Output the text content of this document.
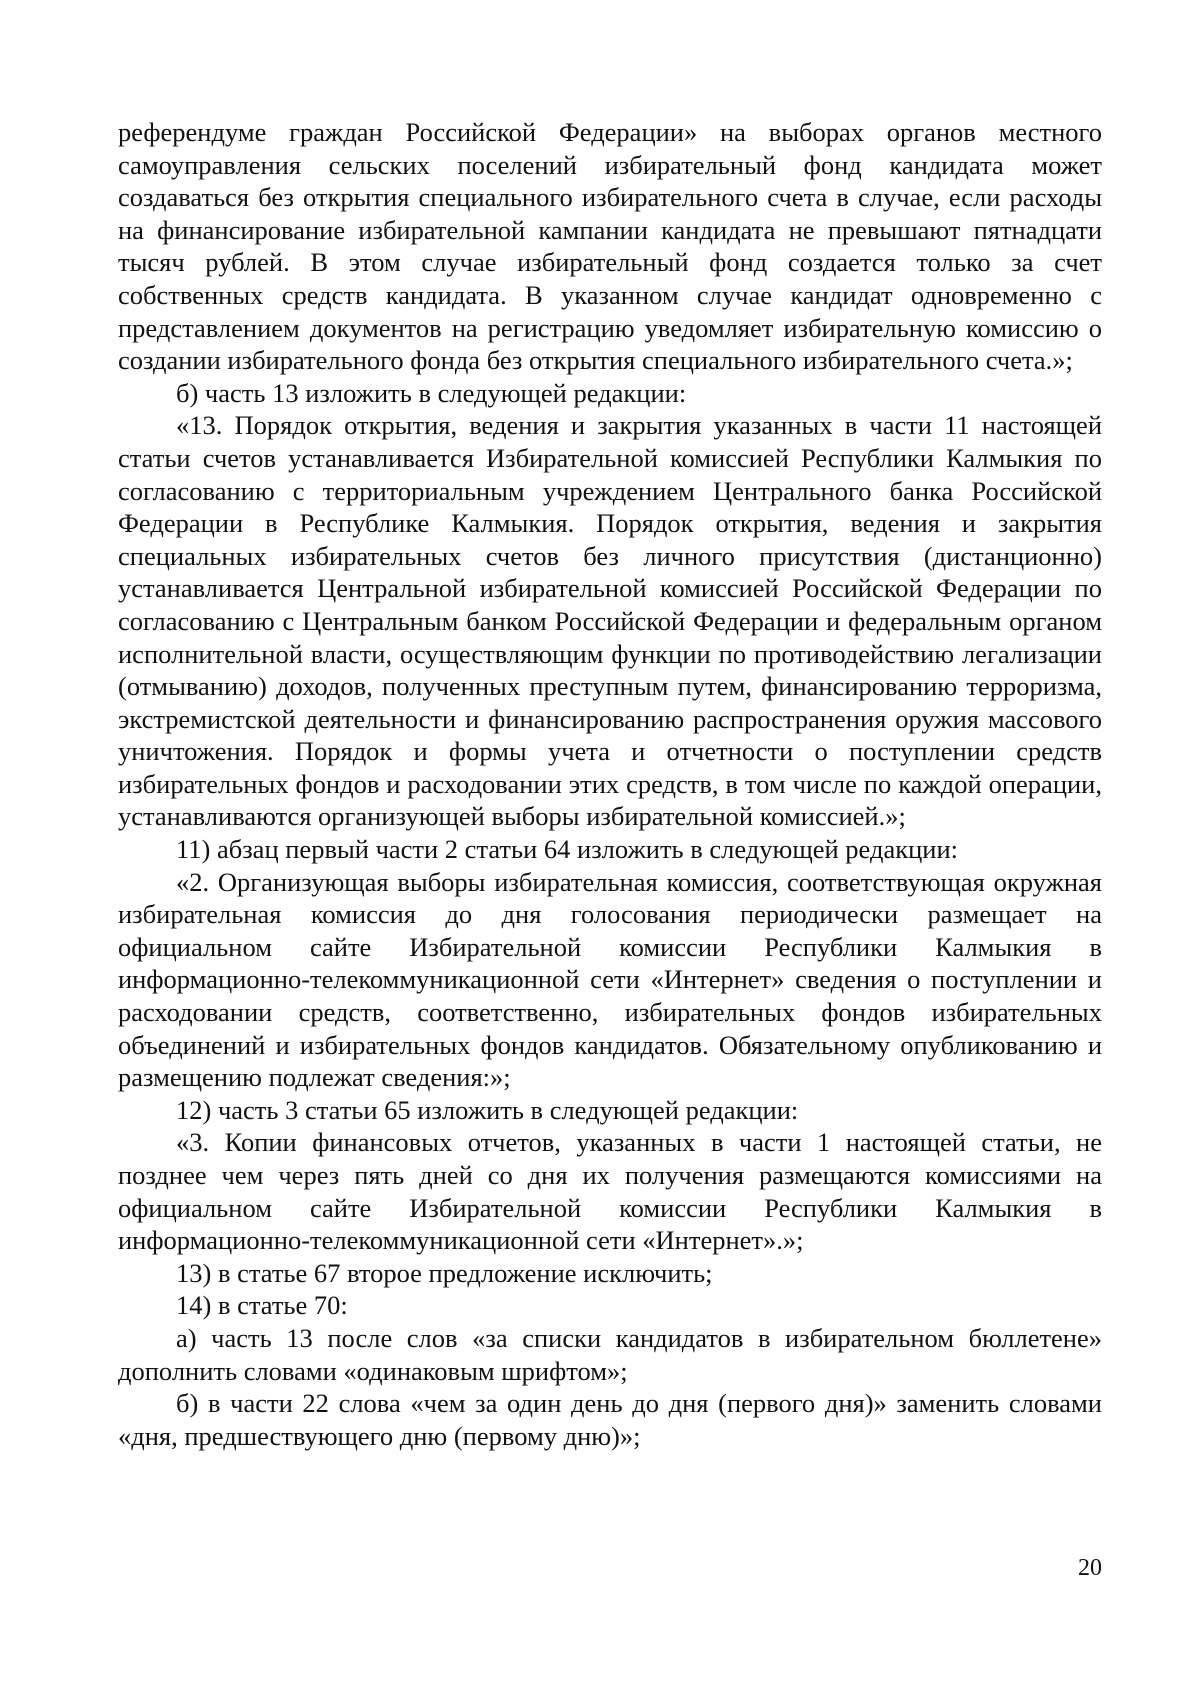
референдуме граждан Российской Федерации» на выборах органов местного самоуправления сельских поселений избирательный фонд кандидата может создаваться без открытия специального избирательного счета в случае, если расходы на финансирование избирательной кампании кандидата не превышают пятнадцати тысяч рублей. В этом случае избирательный фонд создается только за счет собственных средств кандидата. В указанном случае кандидат одновременно с представлением документов на регистрацию уведомляет избирательную комиссию о создании избирательного фонда без открытия специального избирательного счета.»;

б) часть 13 изложить в следующей редакции:

«13. Порядок открытия, ведения и закрытия указанных в части 11 настоящей статьи счетов устанавливается Избирательной комиссией Республики Калмыкия по согласованию с территориальным учреждением Центрального банка Российской Федерации в Республике Калмыкия. Порядок открытия, ведения и закрытия специальных избирательных счетов без личного присутствия (дистанционно) устанавливается Центральной избирательной комиссией Российской Федерации по согласованию с Центральным банком Российской Федерации и федеральным органом исполнительной власти, осуществляющим функции по противодействию легализации (отмыванию) доходов, полученных преступным путем, финансированию терроризма, экстремистской деятельности и финансированию распространения оружия массового уничтожения. Порядок и формы учета и отчетности о поступлении средств избирательных фондов и расходовании этих средств, в том числе по каждой операции, устанавливаются организующей выборы избирательной комиссией.»;

11) абзац первый части 2 статьи 64 изложить в следующей редакции:

«2. Организующая выборы избирательная комиссия, соответствующая окружная избирательная комиссия до дня голосования периодически размещает на официальном сайте Избирательной комиссии Республики Калмыкия в информационно-телекоммуникационной сети «Интернет» сведения о поступлении и расходовании средств, соответственно, избирательных фондов избирательных объединений и избирательных фондов кандидатов. Обязательному опубликованию и размещению подлежат сведения:»;

12) часть 3 статьи 65 изложить в следующей редакции:

«3. Копии финансовых отчетов, указанных в части 1 настоящей статьи, не позднее чем через пять дней со дня их получения размещаются комиссиями на официальном сайте Избирательной комиссии Республики Калмыкия в информационно-телекоммуникационной сети «Интернет».»;

13) в статье 67 второе предложение исключить;

14) в статье 70:

а) часть 13 после слов «за списки кандидатов в избирательном бюллетене» дополнить словами «одинаковым шрифтом»;

б) в части 22 слова «чем за один день до дня (первого дня)» заменить словами «дня, предшествующего дню (первому дню)»;

20
